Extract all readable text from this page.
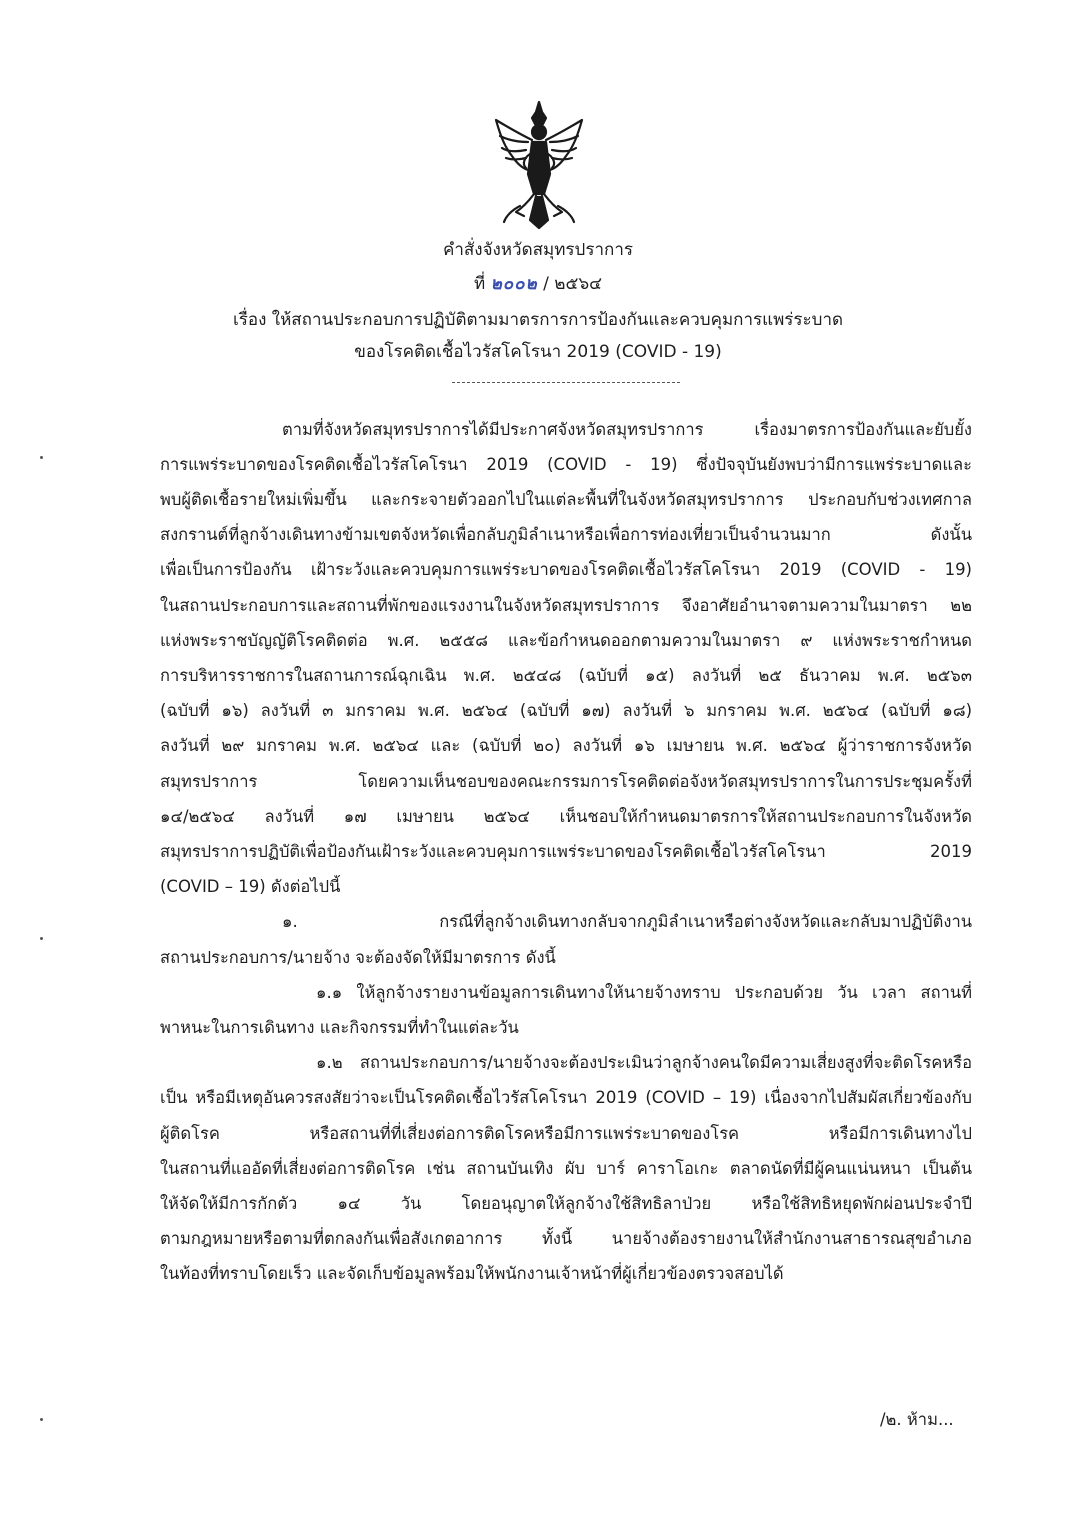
คำสั่งจังหวัดสมุทรปราการ
ที่ ๒๐๐๒ / ๒๕๖๔
เรื่อง ให้สถานประกอบการปฏิบัติตามมาตรการการป้องกันและควบคุมการแพร่ระบาด
ของโรคติดเชื้อไวรัสโคโรนา 2019 (COVID - 19)
ตามที่จังหวัดสมุทรปราการได้มีประกาศจังหวัดสมุทรปราการ เรื่องมาตรการป้องกันและยับยั้ง
การแพร่ระบาดของโรคติดเชื้อไวรัสโคโรนา 2019 (COVID - 19) ซึ่งปัจจุบันยังพบว่ามีการแพร่ระบาดและ
พบผู้ติดเชื้อรายใหม่เพิ่มขึ้น และกระจายตัวออกไปในแต่ละพื้นที่ในจังหวัดสมุทรปราการ ประกอบกับช่วงเทศกาล
สงกรานต์ที่ลูกจ้างเดินทางข้ามเขตจังหวัดเพื่อกลับภูมิลำเนาหรือเพื่อการท่องเที่ยวเป็นจำนวนมาก ดังนั้น
เพื่อเป็นการป้องกัน เฝ้าระวังและควบคุมการแพร่ระบาดของโรคติดเชื้อไวรัสโคโรนา 2019 (COVID - 19)
ในสถานประกอบการและสถานที่พักของแรงงานในจังหวัดสมุทรปราการ จึงอาศัยอำนาจตามความในมาตรา ๒๒
แห่งพระราชบัญญัติโรคติดต่อ พ.ศ. ๒๕๕๘ และข้อกำหนดออกตามความในมาตรา ๙ แห่งพระราชกำหนด
การบริหารราชการในสถานการณ์ฉุกเฉิน พ.ศ. ๒๕๔๘ (ฉบับที่ ๑๕) ลงวันที่ ๒๕ ธันวาคม พ.ศ. ๒๕๖๓
(ฉบับที่ ๑๖) ลงวันที่ ๓ มกราคม พ.ศ. ๒๕๖๔ (ฉบับที่ ๑๗) ลงวันที่ ๖ มกราคม พ.ศ. ๒๕๖๔ (ฉบับที่ ๑๘)
ลงวันที่ ๒๙ มกราคม พ.ศ. ๒๕๖๔ และ (ฉบับที่ ๒๐) ลงวันที่ ๑๖ เมษายน พ.ศ. ๒๕๖๔ ผู้ว่าราชการจังหวัด
สมุทรปราการ โดยความเห็นชอบของคณะกรรมการโรคติดต่อจังหวัดสมุทรปราการในการประชุมครั้งที่
๑๔/๒๕๖๔ ลงวันที่ ๑๗ เมษายน ๒๕๖๔ เห็นชอบให้กำหนดมาตรการให้สถานประกอบการในจังหวัด
สมุทรปราการปฏิบัติเพื่อป้องกันเฝ้าระวังและควบคุมการแพร่ระบาดของโรคติดเชื้อไวรัสโคโรนา 2019
(COVID – 19) ดังต่อไปนี้
๑. กรณีที่ลูกจ้างเดินทางกลับจากภูมิลำเนาหรือต่างจังหวัดและกลับมาปฏิบัติงาน
สถานประกอบการ/นายจ้าง จะต้องจัดให้มีมาตรการ ดังนี้
๑.๑ ให้ลูกจ้างรายงานข้อมูลการเดินทางให้นายจ้างทราบ ประกอบด้วย วัน เวลา สถานที่
พาหนะในการเดินทาง และกิจกรรมที่ทำในแต่ละวัน
๑.๒ สถานประกอบการ/นายจ้างจะต้องประเมินว่าลูกจ้างคนใดมีความเสี่ยงสูงที่จะติดโรคหรือ
เป็น หรือมีเหตุอันควรสงสัยว่าจะเป็นโรคติดเชื้อไวรัสโคโรนา 2019 (COVID – 19) เนื่องจากไปสัมผัสเกี่ยวข้องกับ
ผู้ติดโรค หรือสถานที่ที่เสี่ยงต่อการติดโรคหรือมีการแพร่ระบาดของโรค หรือมีการเดินทางไป
ในสถานที่แออัดที่เสี่ยงต่อการติดโรค เช่น สถานบันเทิง ผับ บาร์ คาราโอเกะ ตลาดนัดที่มีผู้คนแน่นหนา เป็นต้น
ให้จัดให้มีการกักตัว ๑๔ วัน โดยอนุญาตให้ลูกจ้างใช้สิทธิลาป่วย หรือใช้สิทธิหยุดพักผ่อนประจำปี
ตามกฎหมายหรือตามที่ตกลงกันเพื่อสังเกตอาการ ทั้งนี้ นายจ้างต้องรายงานให้สำนักงานสาธารณสุขอำเภอ
ในท้องที่ทราบโดยเร็ว และจัดเก็บข้อมูลพร้อมให้พนักงานเจ้าหน้าที่ผู้เกี่ยวข้องตรวจสอบได้
/๒. ห้าม...
